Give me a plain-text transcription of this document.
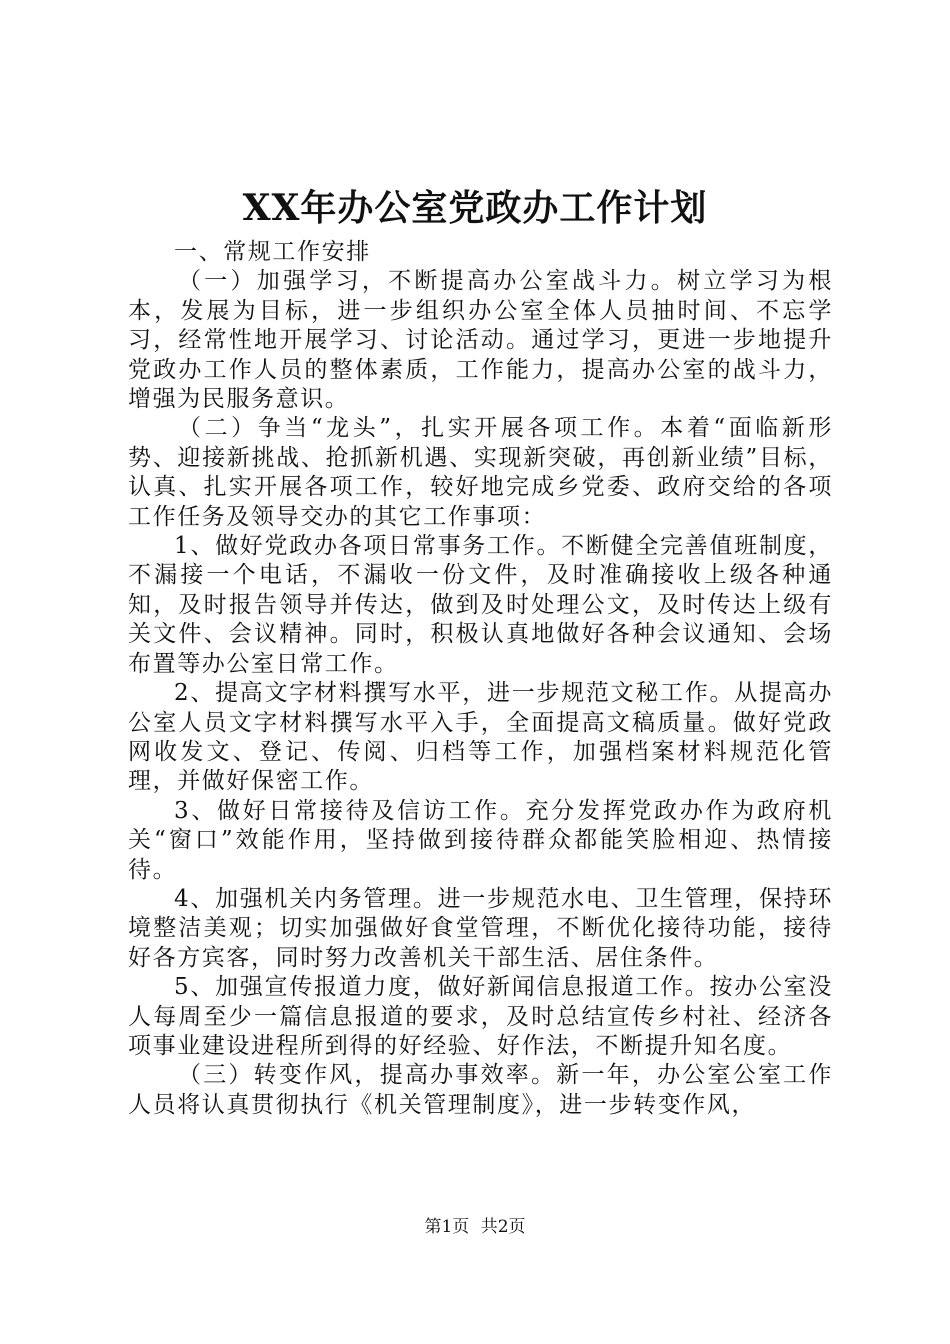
XX年办公室党政办工作计划

一、常规工作安排

（一）加强学习，不断提高办公室战斗力。树立学习为根本，发展为目标，进一步组织办公室全体人员抽时间、不忘学习，经常性地开展学习、讨论活动。通过学习，更进一步地提升党政办工作人员的整体素质，工作能力，提高办公室的战斗力，增强为民服务意识。

（二）争当“龙头”，扎实开展各项工作。本着“面临新形势、迎接新挑战、抢抓新机遇、实现新突破，再创新业绩”目标，认真、扎实开展各项工作，较好地完成乡党委、政府交给的各项工作任务及领导交办的其它工作事项：

1、做好党政办各项日常事务工作。不断健全完善值班制度，不漏接一个电话，不漏收一份文件，及时准确接收上级各种通知，及时报告领导并传达，做到及时处理公文，及时传达上级有关文件、会议精神。同时，积极认真地做好各种会议通知、会场布置等办公室日常工作。

2、提高文字材料撰写水平，进一步规范文秘工作。从提高办公室人员文字材料撰写水平入手，全面提高文稿质量。做好党政网收发文、登记、传阅、归档等工作，加强档案材料规范化管理，并做好保密工作。

3、做好日常接待及信访工作。充分发挥党政办作为政府机关“窗口”效能作用，坚持做到接待群众都能笑脸相迎、热情接待。

4、加强机关内务管理。进一步规范水电、卫生管理，保持环境整洁美观；切实加强做好食堂管理，不断优化接待功能，接待好各方宾客，同时努力改善机关干部生活、居住条件。

5、加强宣传报道力度，做好新闻信息报道工作。按办公室没人每周至少一篇信息报道的要求，及时总结宣传乡村社、经济各项事业建设进程所到得的好经验、好作法，不断提升知名度。

（三）转变作风，提高办事效率。新一年，办公室公室工作人员将认真贯彻执行《机关管理制度》，进一步转变作风，

第1页 共2页
